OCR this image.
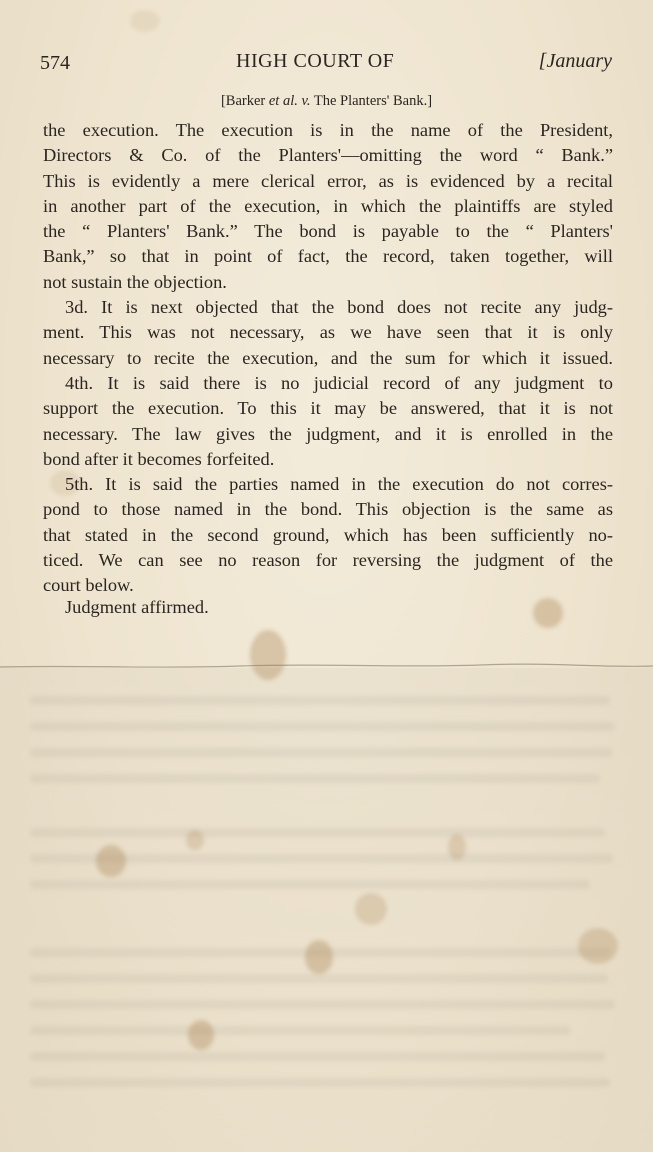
574	HIGH COURT OF	[January
[Barker et al. v. The Planters' Bank.]
the execution. The execution is in the name of the President,
Directors & Co. of the Planters'—omitting the word “ Bank.”
This is evidently a mere clerical error, as is evidenced by a recital
in another part of the execution, in which the plaintiffs are styled
the “ Planters' Bank.” The bond is payable to the “ Planters'
Bank,” so that in point of fact, the record, taken together, will
not sustain the objection.
3d. It is next objected that the bond does not recite any judg-
ment. This was not necessary, as we have seen that it is only
necessary to recite the execution, and the sum for which it issued.
4th. It is said there is no judicial record of any judgment to
support the execution. To this it may be answered, that it is not
necessary. The law gives the judgment, and it is enrolled in the
bond after it becomes forfeited.
5th. It is said the parties named in the execution do not corres-
pond to those named in the bond. This objection is the same as
that stated in the second ground, which has been sufficiently no-
ticed. We can see no reason for reversing the judgment of the
court below.
Judgment affirmed.
